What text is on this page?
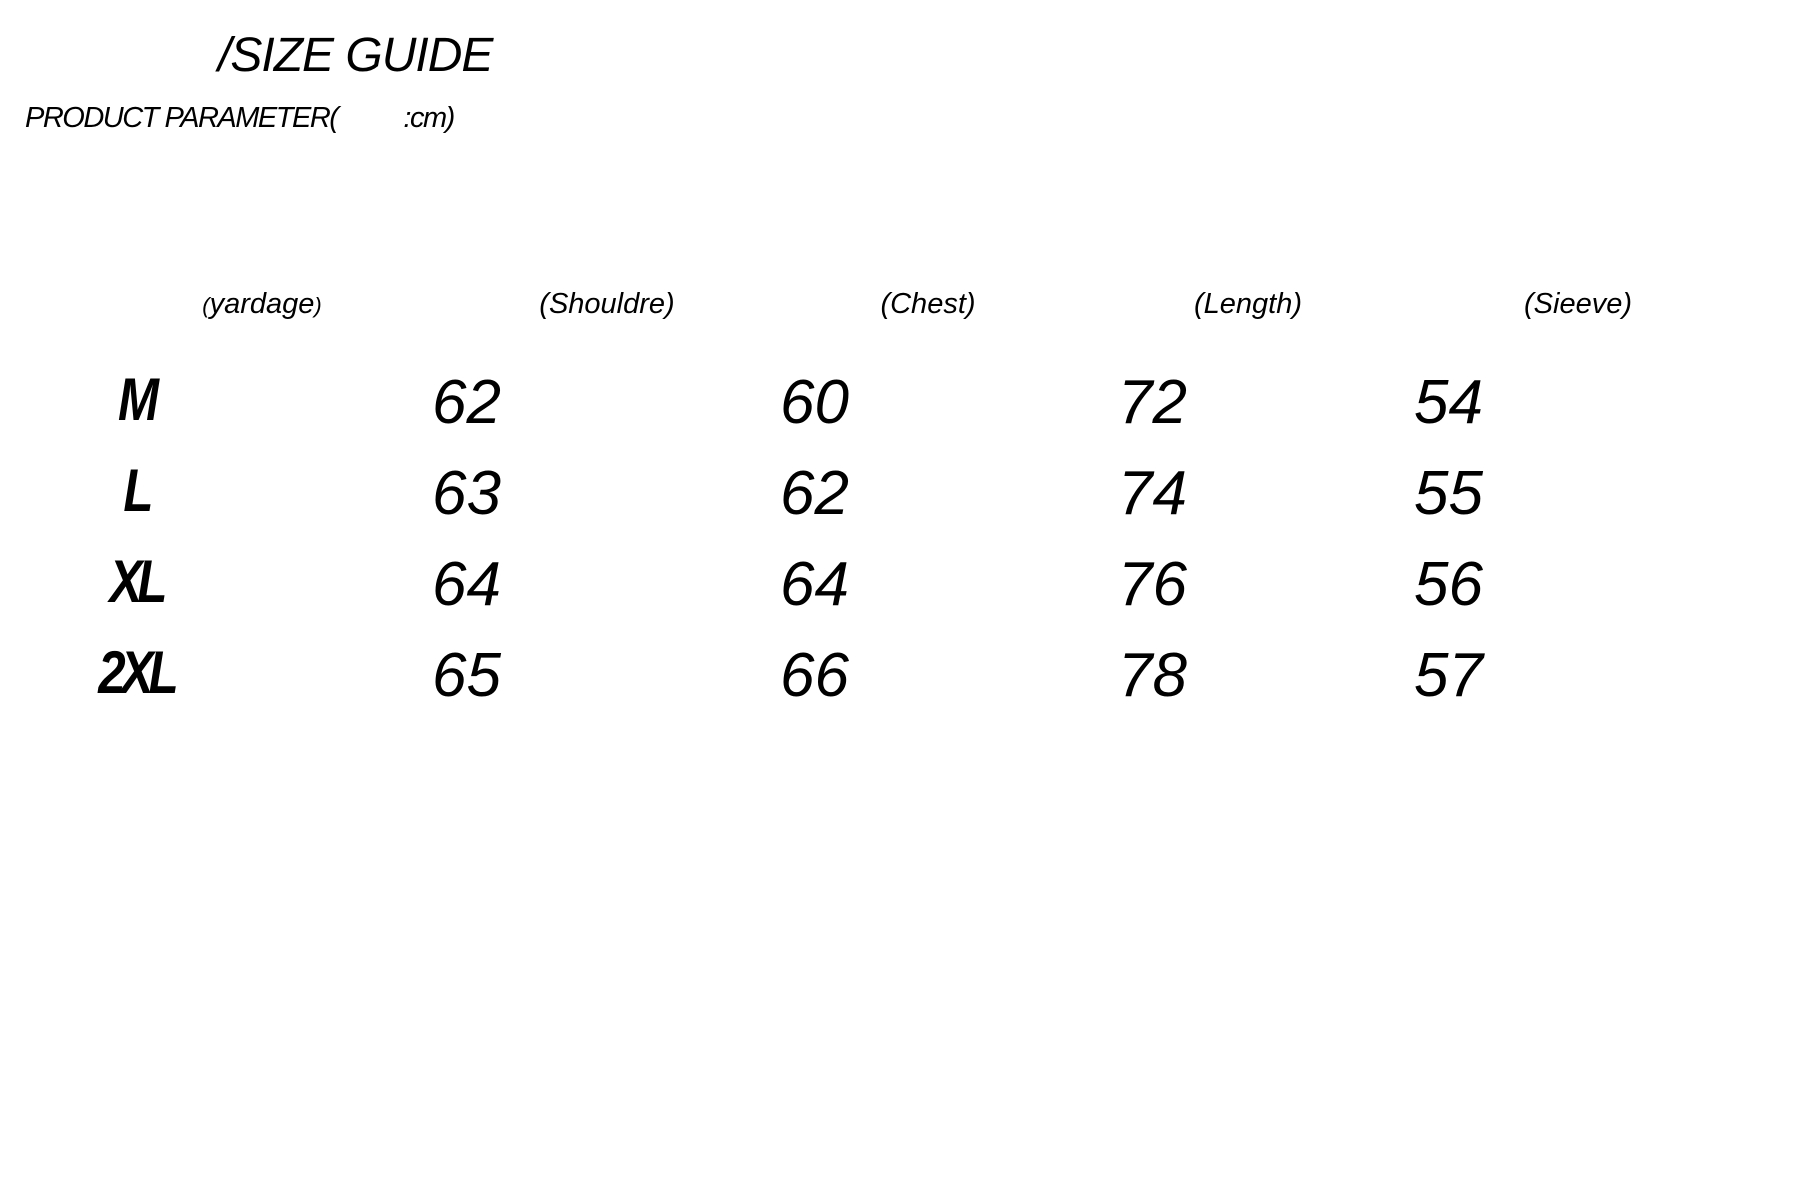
/SIZE GUIDE
PRODUCT PARAMETER( :cm)
(yardage)	(Shouldre)	(Chest)	(Length)	(Sieeve)
M	62	60	72	54
L	63	62	74	55
XL	64	64	76	56
2XL	65	66	78	57
